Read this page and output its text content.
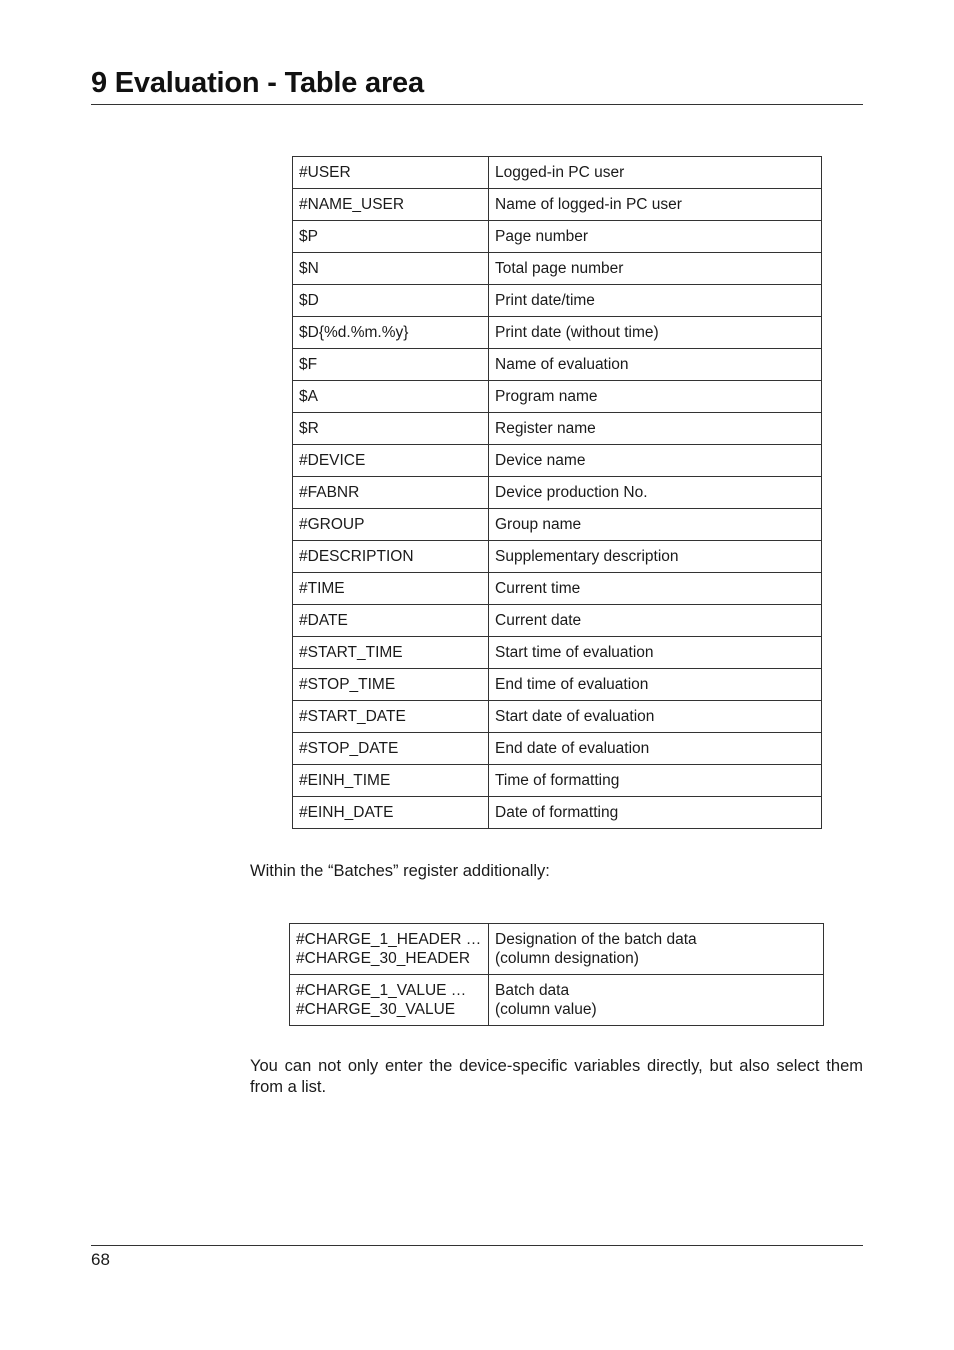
9 Evaluation - Table area
#USER	Logged-in PC user
#NAME_USER	Name of logged-in PC user
$P	Page number
$N	Total page number
$D	Print date/time
$D{%d.%m.%y}	Print date (without time)
$F	Name of evaluation
$A	Program name
$R	Register name
#DEVICE	Device name
#FABNR	Device production No.
#GROUP	Group name
#DESCRIPTION	Supplementary description
#TIME	Current time
#DATE	Current date
#START_TIME	Start time of evaluation
#STOP_TIME	End time of evaluation
#START_DATE	Start date of evaluation
#STOP_DATE	End date of evaluation
#EINH_TIME	Time of formatting
#EINH_DATE	Date of formatting

Within the “Batches” register additionally:

#CHARGE_1_HEADER …
#CHARGE_30_HEADER	Designation of the batch data
(column designation)

#CHARGE_1_VALUE …
#CHARGE_30_VALUE	Batch data
(column value)

You can not only enter the device-specific variables directly, but also select them from a list.

68
